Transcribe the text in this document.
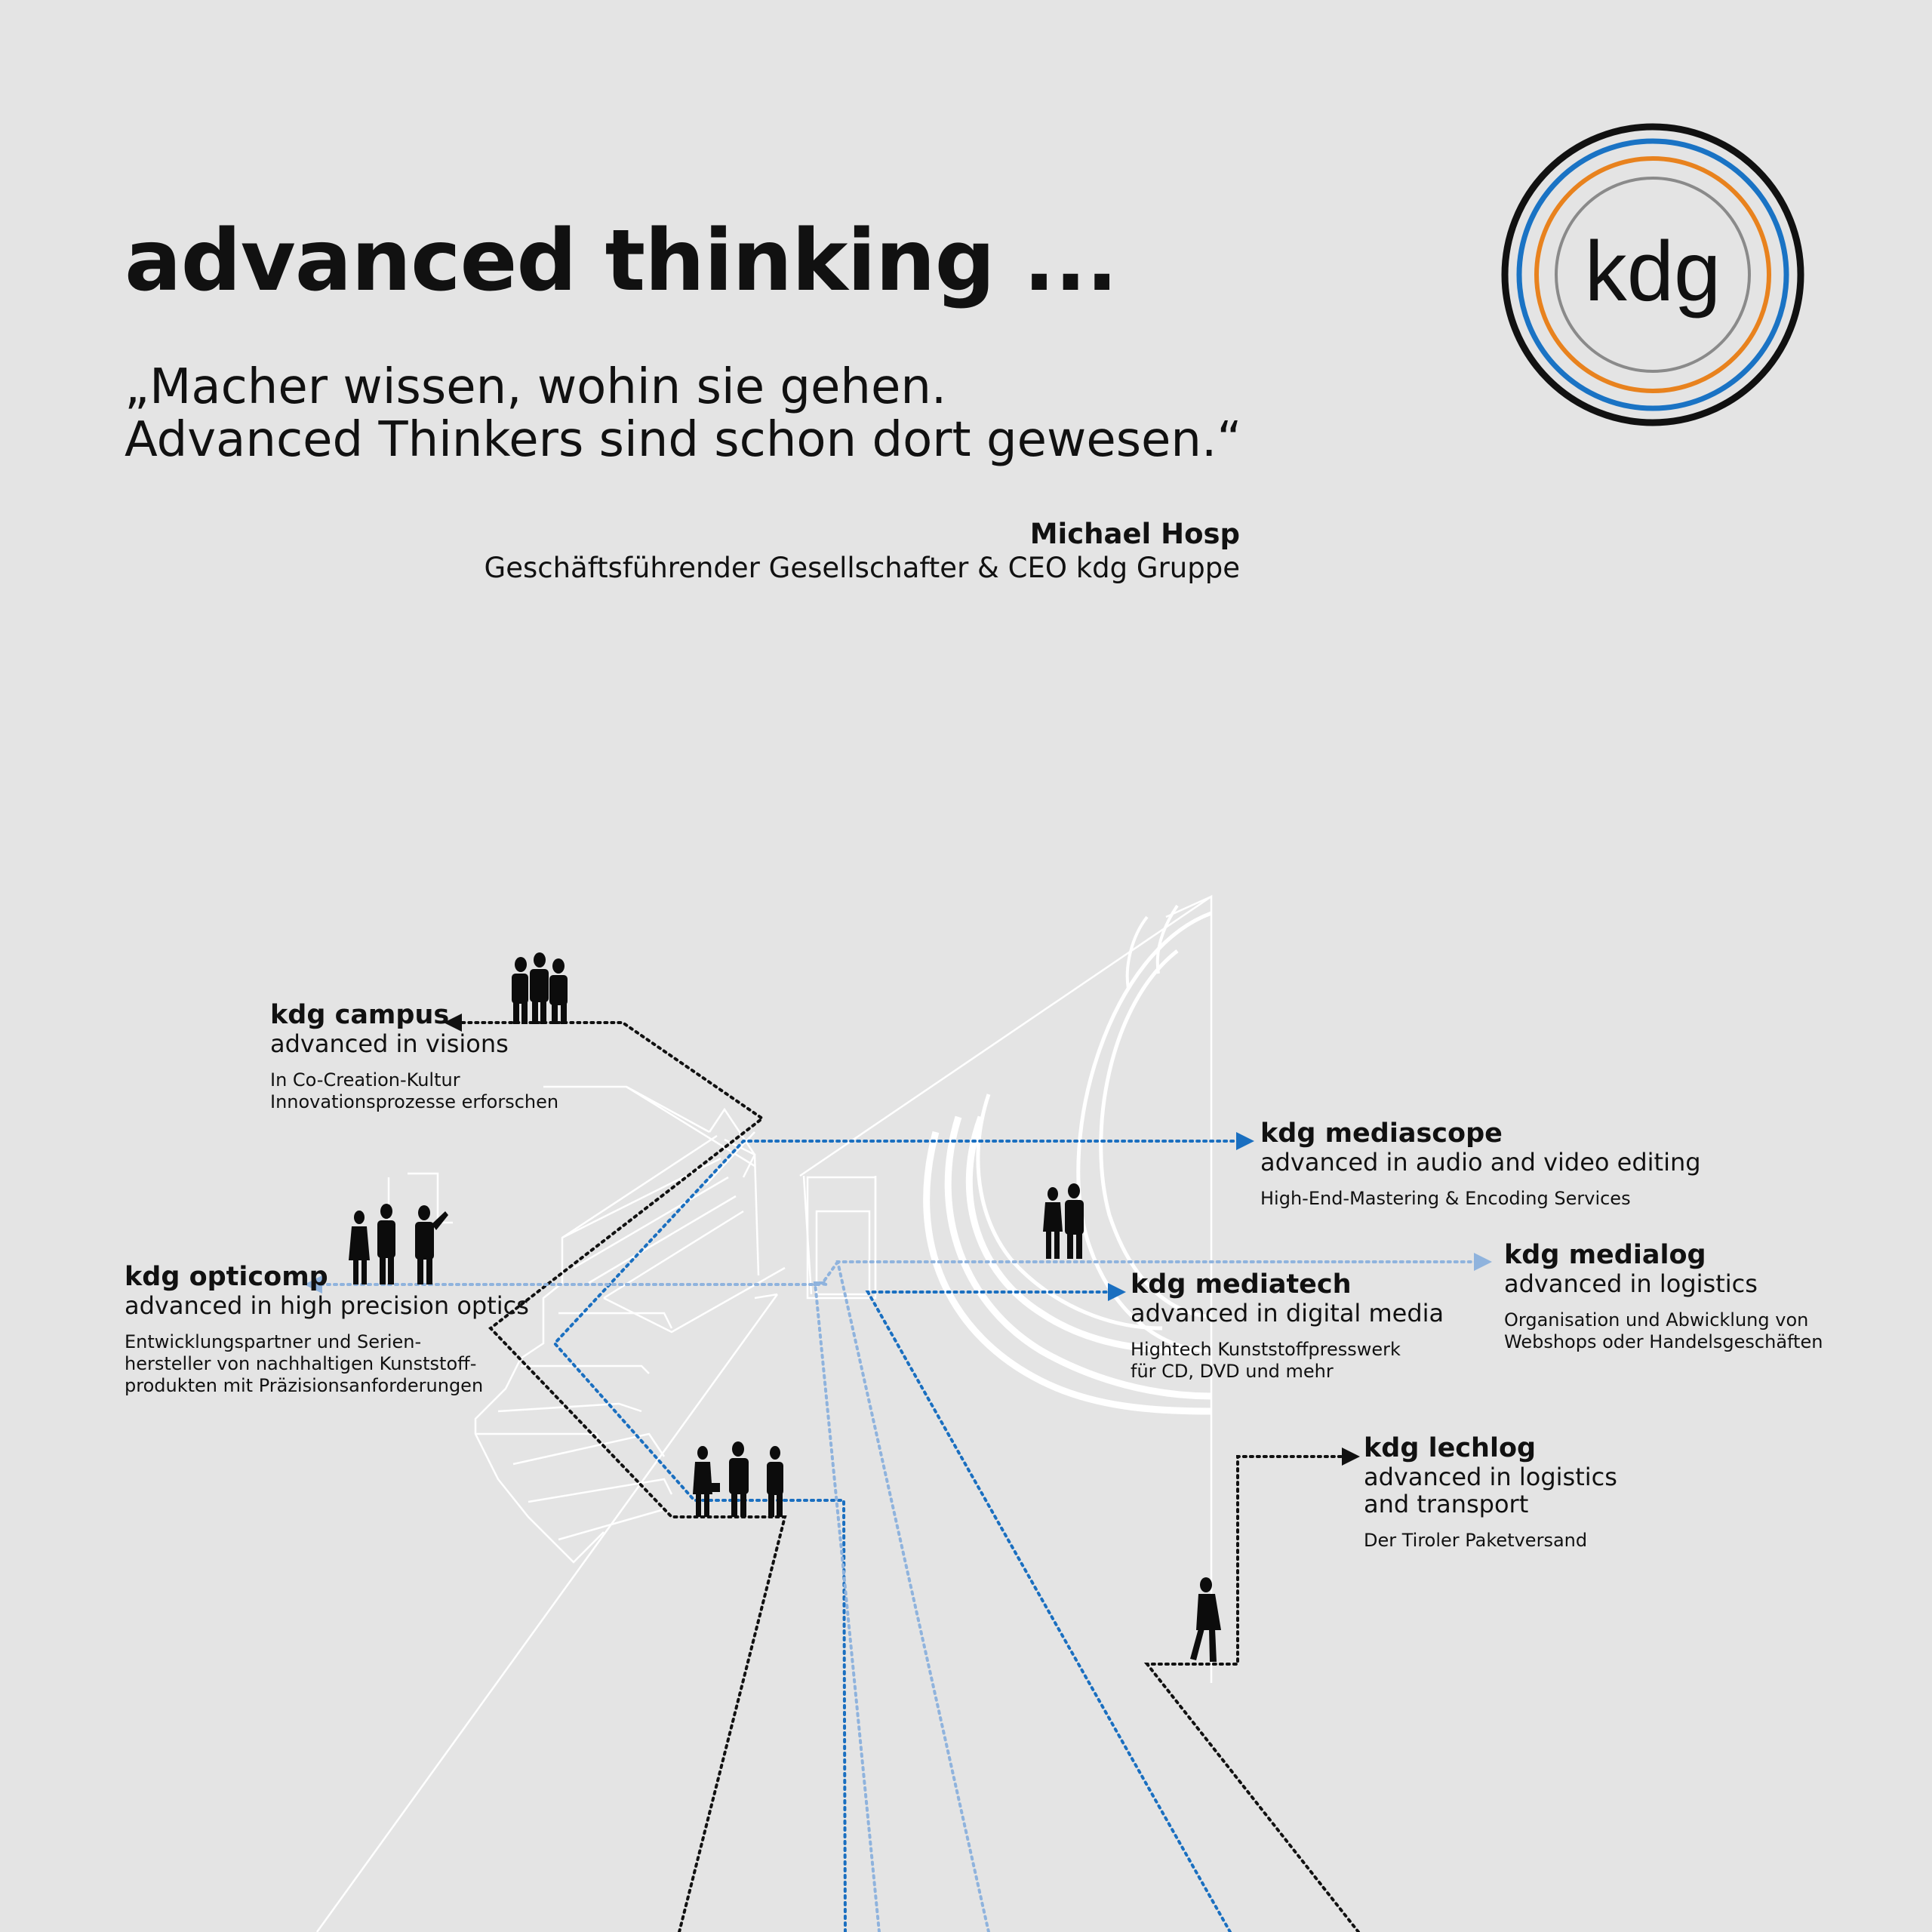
kdg
advanced thinking ...
„Macher wissen, wohin sie gehen.
Advanced Thinkers sind schon dort gewesen.“
Michael Hosp
Geschäftsführender Gesellschafter & CEO kdg Gruppe
kdg campus
advanced in visions
In Co-Creation-Kultur
Innovationsprozesse erforschen
kdg opticomp
advanced in high precision optics
Entwicklungspartner und Serien-
hersteller von nachhaltigen Kunststoff-
produkten mit Präzisionsanforderungen
kdg mediascope
advanced in audio and video editing
High-End-Mastering & Encoding Services
kdg mediatech
advanced in digital media
Hightech Kunststoffpresswerk
für CD, DVD und mehr
kdg medialog
advanced in logistics
Organisation und Abwicklung von
Webshops oder Handelsgeschäften
kdg lechlog
advanced in logistics
and transport
Der Tiroler Paketversand
